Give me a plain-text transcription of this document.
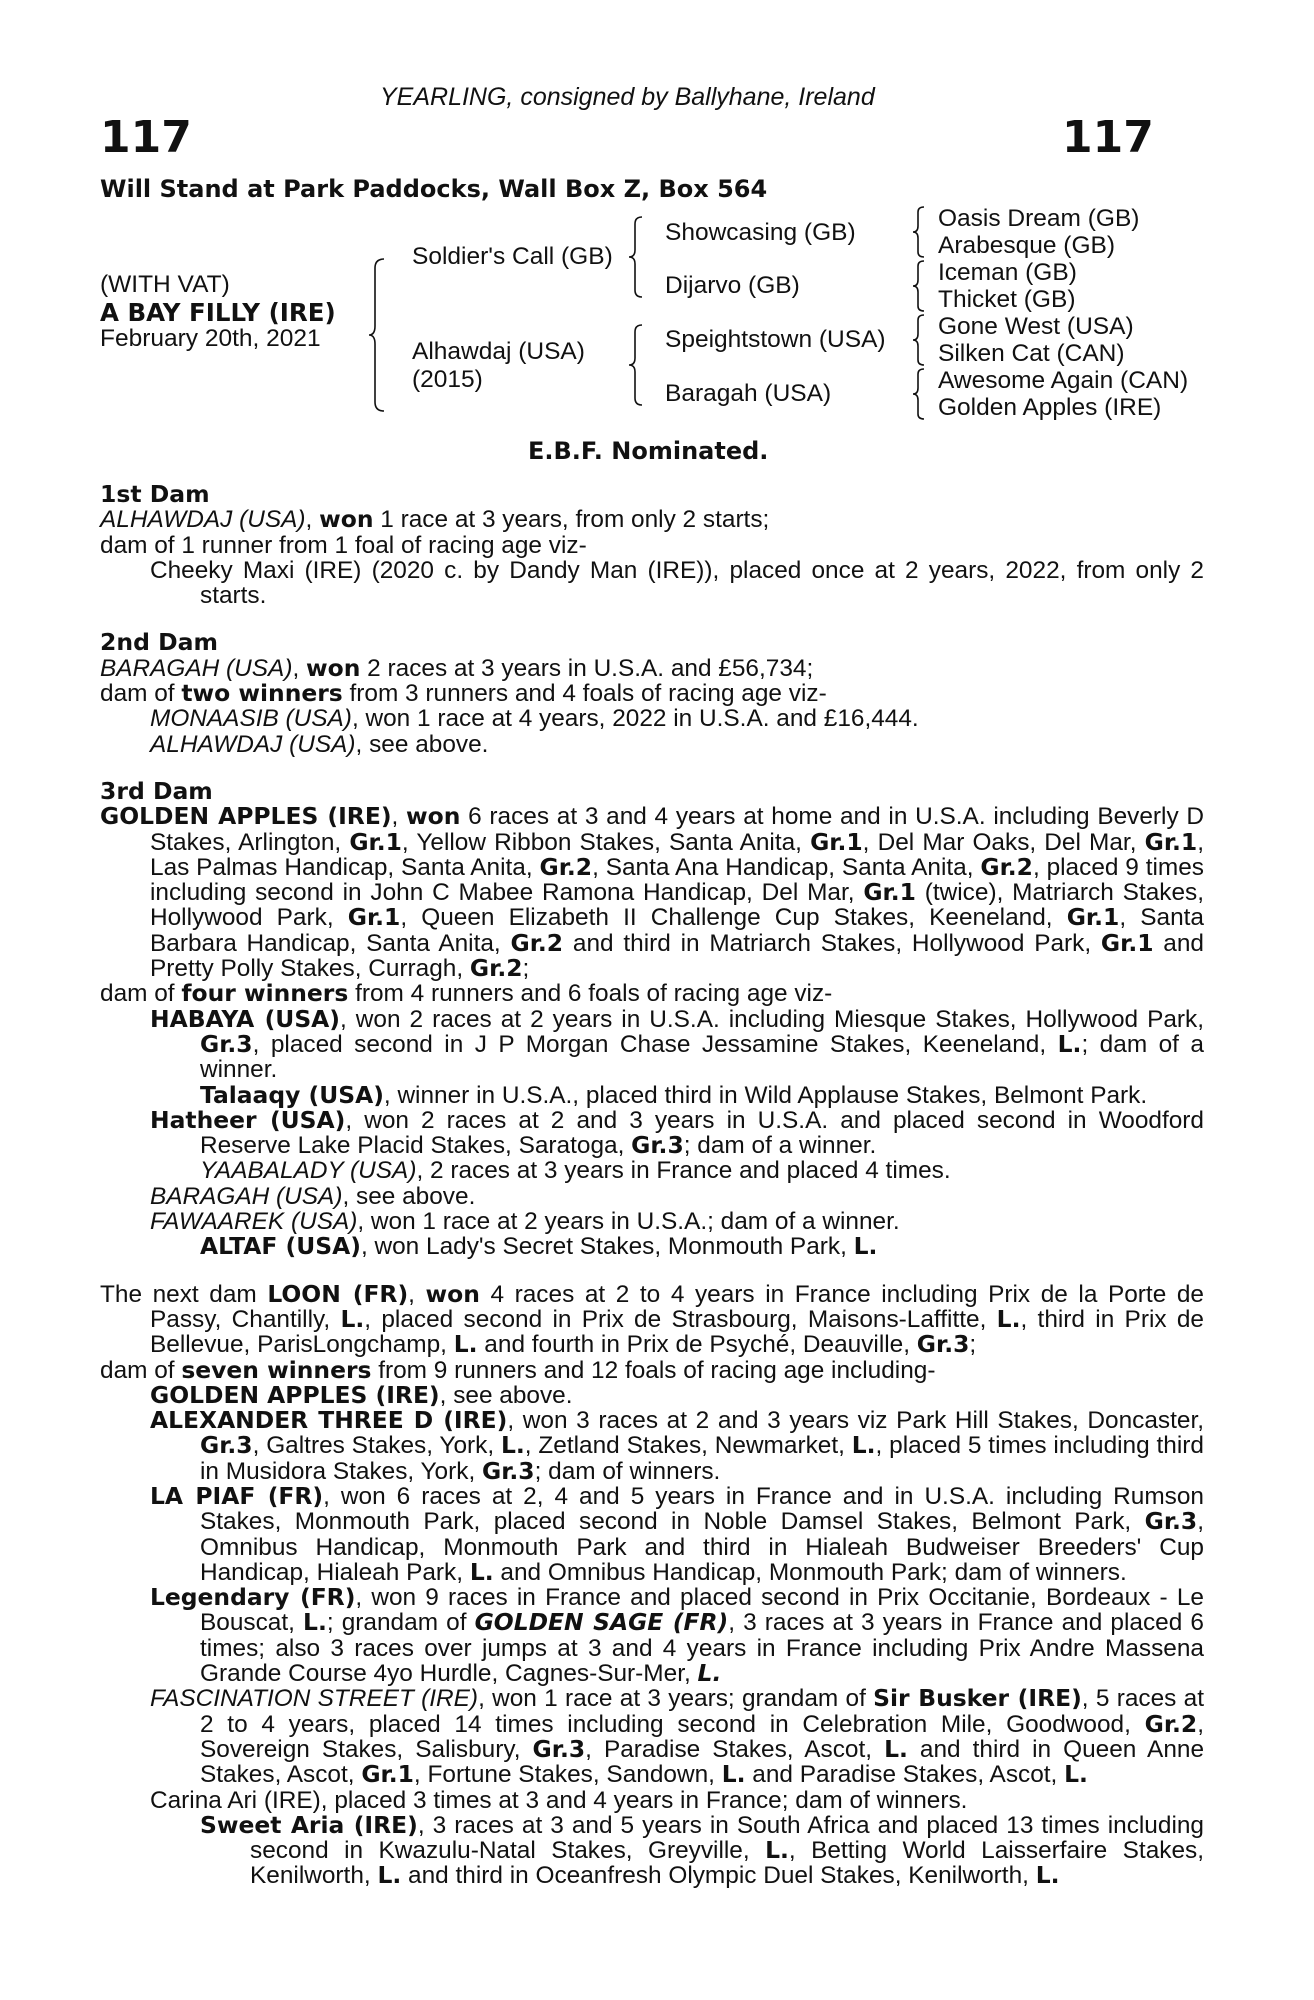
117	117
YEARLING, consigned by Ballyhane, Ireland
Will Stand at Park Paddocks, Wall Box Z, Box 564
(WITH VAT)
A BAY FILLY (IRE)
February 20th, 2021
Soldier's Call (GB)
Alhawdaj (USA)
(2015)
Showcasing (GB)
Dijarvo (GB)
Speightstown (USA)
Baragah (USA)
Oasis Dream (GB)
Arabesque (GB)
Iceman (GB)
Thicket (GB)
Gone West (USA)
Silken Cat (CAN)
Awesome Again (CAN)
Golden Apples (IRE)
E.B.F. Nominated.

1st Dam

ALHAWDAJ (USA), won 1 race at 3 years, from only 2 starts;

dam of 1 runner from 1 foal of racing age viz-

Cheeky Maxi (IRE) (2020 c. by Dandy Man (IRE)), placed once at 2 years, 2022, from only 2 starts.

2nd Dam

BARAGAH (USA), won 2 races at 3 years in U.S.A. and £56,734;

dam of two winners from 3 runners and 4 foals of racing age viz-

MONAASIB (USA), won 1 race at 4 years, 2022 in U.S.A. and £16,444.

ALHAWDAJ (USA), see above.

3rd Dam

GOLDEN APPLES (IRE), won 6 races at 3 and 4 years at home and in U.S.A. including Beverly D Stakes, Arlington, Gr.1, Yellow Ribbon Stakes, Santa Anita, Gr.1, Del Mar Oaks, Del Mar, Gr.1, Las Palmas Handicap, Santa Anita, Gr.2, Santa Ana Handicap, Santa Anita, Gr.2, placed 9 times including second in John C Mabee Ramona Handicap, Del Mar, Gr.1 (twice), Matriarch Stakes, Hollywood Park, Gr.1, Queen Elizabeth II Challenge Cup Stakes, Keeneland, Gr.1, Santa Barbara Handicap, Santa Anita, Gr.2 and third in Matriarch Stakes, Hollywood Park, Gr.1 and Pretty Polly Stakes, Curragh, Gr.2;

dam of four winners from 4 runners and 6 foals of racing age viz-

HABAYA (USA), won 2 races at 2 years in U.S.A. including Miesque Stakes, Hollywood Park, Gr.3, placed second in J P Morgan Chase Jessamine Stakes, Keeneland, L.; dam of a winner.

Talaaqy (USA), winner in U.S.A., placed third in Wild Applause Stakes, Belmont Park.

Hatheer (USA), won 2 races at 2 and 3 years in U.S.A. and placed second in Woodford Reserve Lake Placid Stakes, Saratoga, Gr.3; dam of a winner.

YAABALADY (USA), 2 races at 3 years in France and placed 4 times.

BARAGAH (USA), see above.

FAWAAREK (USA), won 1 race at 2 years in U.S.A.; dam of a winner.

ALTAF (USA), won Lady's Secret Stakes, Monmouth Park, L.

The next dam LOON (FR), won 4 races at 2 to 4 years in France including Prix de la Porte de Passy, Chantilly, L., placed second in Prix de Strasbourg, Maisons-Laffitte, L., third in Prix de Bellevue, ParisLongchamp, L. and fourth in Prix de Psyché, Deauville, Gr.3;

dam of seven winners from 9 runners and 12 foals of racing age including-

GOLDEN APPLES (IRE), see above.

ALEXANDER THREE D (IRE), won 3 races at 2 and 3 years viz Park Hill Stakes, Doncaster, Gr.3, Galtres Stakes, York, L., Zetland Stakes, Newmarket, L., placed 5 times including third in Musidora Stakes, York, Gr.3; dam of winners.

LA PIAF (FR), won 6 races at 2, 4 and 5 years in France and in U.S.A. including Rumson Stakes, Monmouth Park, placed second in Noble Damsel Stakes, Belmont Park, Gr.3, Omnibus Handicap, Monmouth Park and third in Hialeah Budweiser Breeders' Cup Handicap, Hialeah Park, L. and Omnibus Handicap, Monmouth Park; dam of winners.

Legendary (FR), won 9 races in France and placed second in Prix Occitanie, Bordeaux - Le Bouscat, L.; grandam of GOLDEN SAGE (FR), 3 races at 3 years in France and placed 6 times; also 3 races over jumps at 3 and 4 years in France including Prix Andre Massena Grande Course 4yo Hurdle, Cagnes-Sur-Mer, L.

FASCINATION STREET (IRE), won 1 race at 3 years; grandam of Sir Busker (IRE), 5 races at 2 to 4 years, placed 14 times including second in Celebration Mile, Goodwood, Gr.2, Sovereign Stakes, Salisbury, Gr.3, Paradise Stakes, Ascot, L. and third in Queen Anne Stakes, Ascot, Gr.1, Fortune Stakes, Sandown, L. and Paradise Stakes, Ascot, L.

Carina Ari (IRE), placed 3 times at 3 and 4 years in France; dam of winners.

Sweet Aria (IRE), 3 races at 3 and 5 years in South Africa and placed 13 times including second in Kwazulu-Natal Stakes, Greyville, L., Betting World Laisserfaire Stakes, Kenilworth, L. and third in Oceanfresh Olympic Duel Stakes, Kenilworth, L.
